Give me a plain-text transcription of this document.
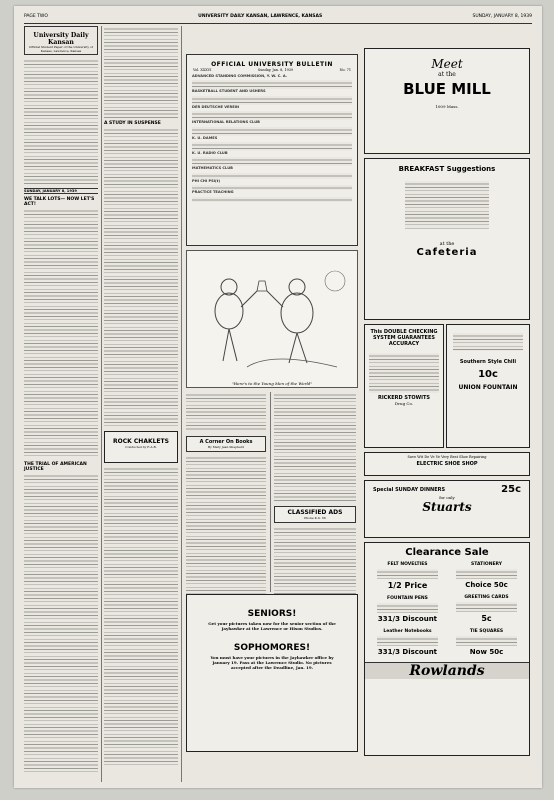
PAGE TWO	UNIVERSITY DAILY KANSAN, LAWRENCE, KANSAS	SUNDAY, JANUARY 8, 1939
University Daily Kansan
Official Student Paper of the University of Kansas, Lawrence, Kansas
SUNDAY, JANUARY 8, 1939
WE TALK LOTS— NOW LET'S ACT!
THE TRIAL OF AMERICAN JUSTICE
A STUDY IN SUSPENSE
ROCK CHAKLETS
Conducted by E.A.B.
OFFICIAL UNIVERSITY BULLETIN
Vol. XXXVI	Sunday, Jan. 8, 1939	No. 71
ADVANCED STANDING COMMISSION, Y. W. C. A.
BASKETBALL STUDENT AND USHERS
DER DEUTSCHE VEREIN
INTERNATIONAL RELATIONS CLUB
K. U. DAMES
K. U. RADIO CLUB
MATHEMATICS CLUB
PHI CHI PSI(t)
PRACTICE TEACHING
"Here's to the Young Men of the World"
A Corner On Books
By Mary Jean Shepherd
CLASSIFIED ADS
Phone K.U. 66
SENIORS!
Get your pictures taken now for the senior section of the Jayhawker at the Lawrence or Hixon Studios.
SOPHOMORES!
You must have your pictures in the Jayhawker office by January 19. Pass at the Lawrence Studio. No pictures accepted after the Deadline, Jan. 19.
Meet
at the
BLUE MILL
1009 Mass.
BREAKFAST Suggestions
at the
Cafeteria
This DOUBLE CHECKING SYSTEM GUARANTEES ACCURACY
RICKERD STOWITS
Drug Co.
Southern Style Chili
10c
UNION FOUNTAIN
Save Wit De Ve Ve Very Best Shoe Repairing
ELECTRIC SHOE SHOP
Special SUNDAY DINNERS	25c
for only
Stuarts
Clearance Sale
FELT NOVELTIES
1/2 Price
FOUNTAIN PENS
331/3 Discount
Leather Notebooks
331/3 Discount
STATIONERY
Choice 50c
GREETING CARDS
5c
TIE SQUARES
Now 50c
Rowlands
